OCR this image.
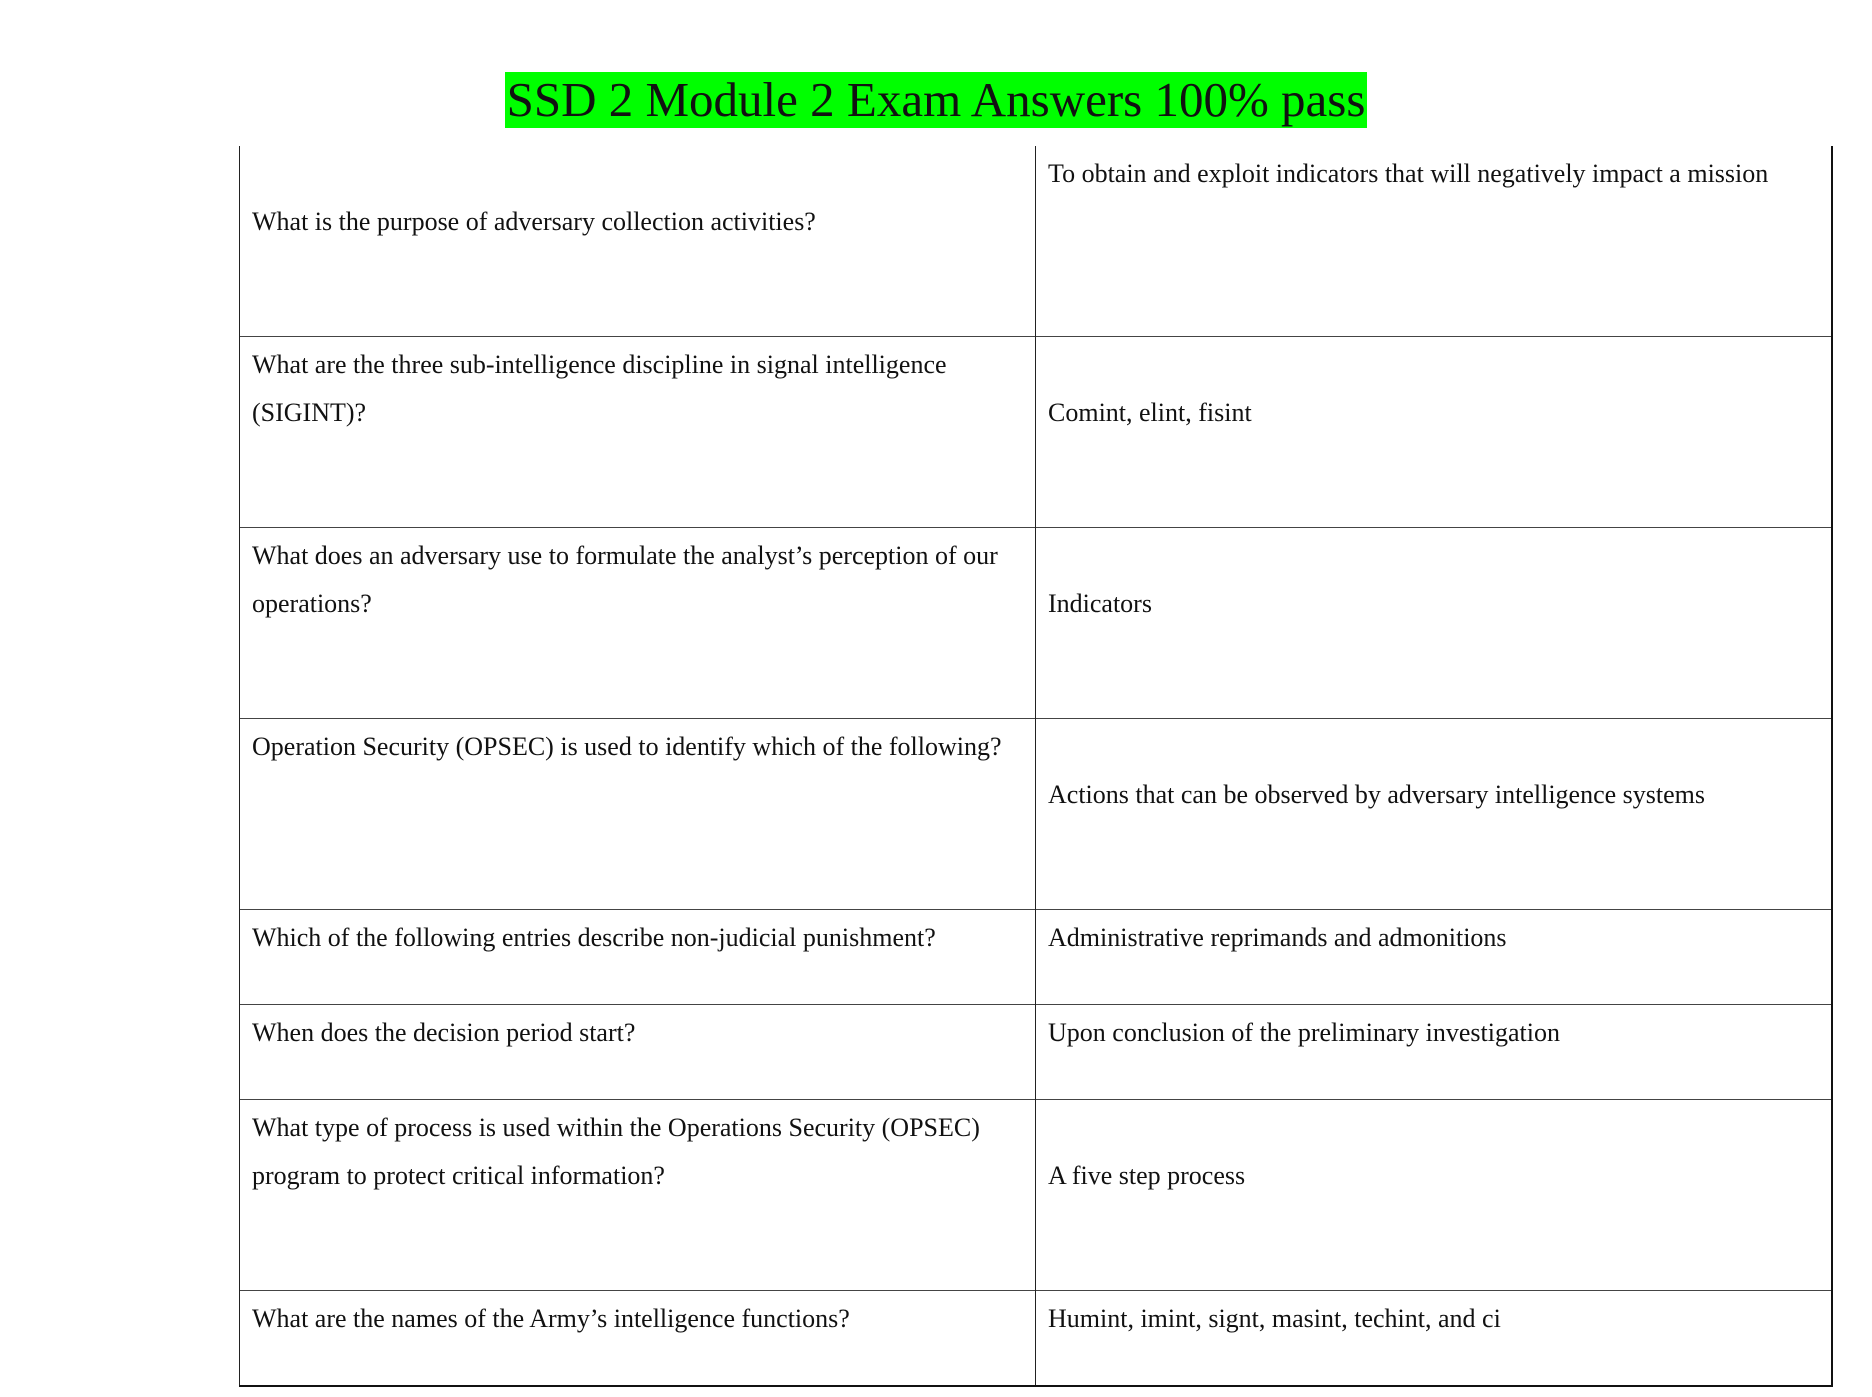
SSD 2 Module 2 Exam Answers 100% pass
What is the purpose of adversary collection activities?	To obtain and exploit indicators that will negatively impact a mission
What are the three sub-intelligence discipline in signal intelligence (SIGINT)?	Comint, elint, fisint
What does an adversary use to formulate the analyst’s perception of our operations?	Indicators
Operation Security (OPSEC) is used to identify which of the following?	Actions that can be observed by adversary intelligence systems
Which of the following entries describe non-judicial punishment?	Administrative reprimands and admonitions
When does the decision period start?	Upon conclusion of the preliminary investigation
What type of process is used within the Operations Security (OPSEC) program to protect critical information?	A five step process
What are the names of the Army’s intelligence functions?	Humint, imint, signt, masint, techint, and ci
